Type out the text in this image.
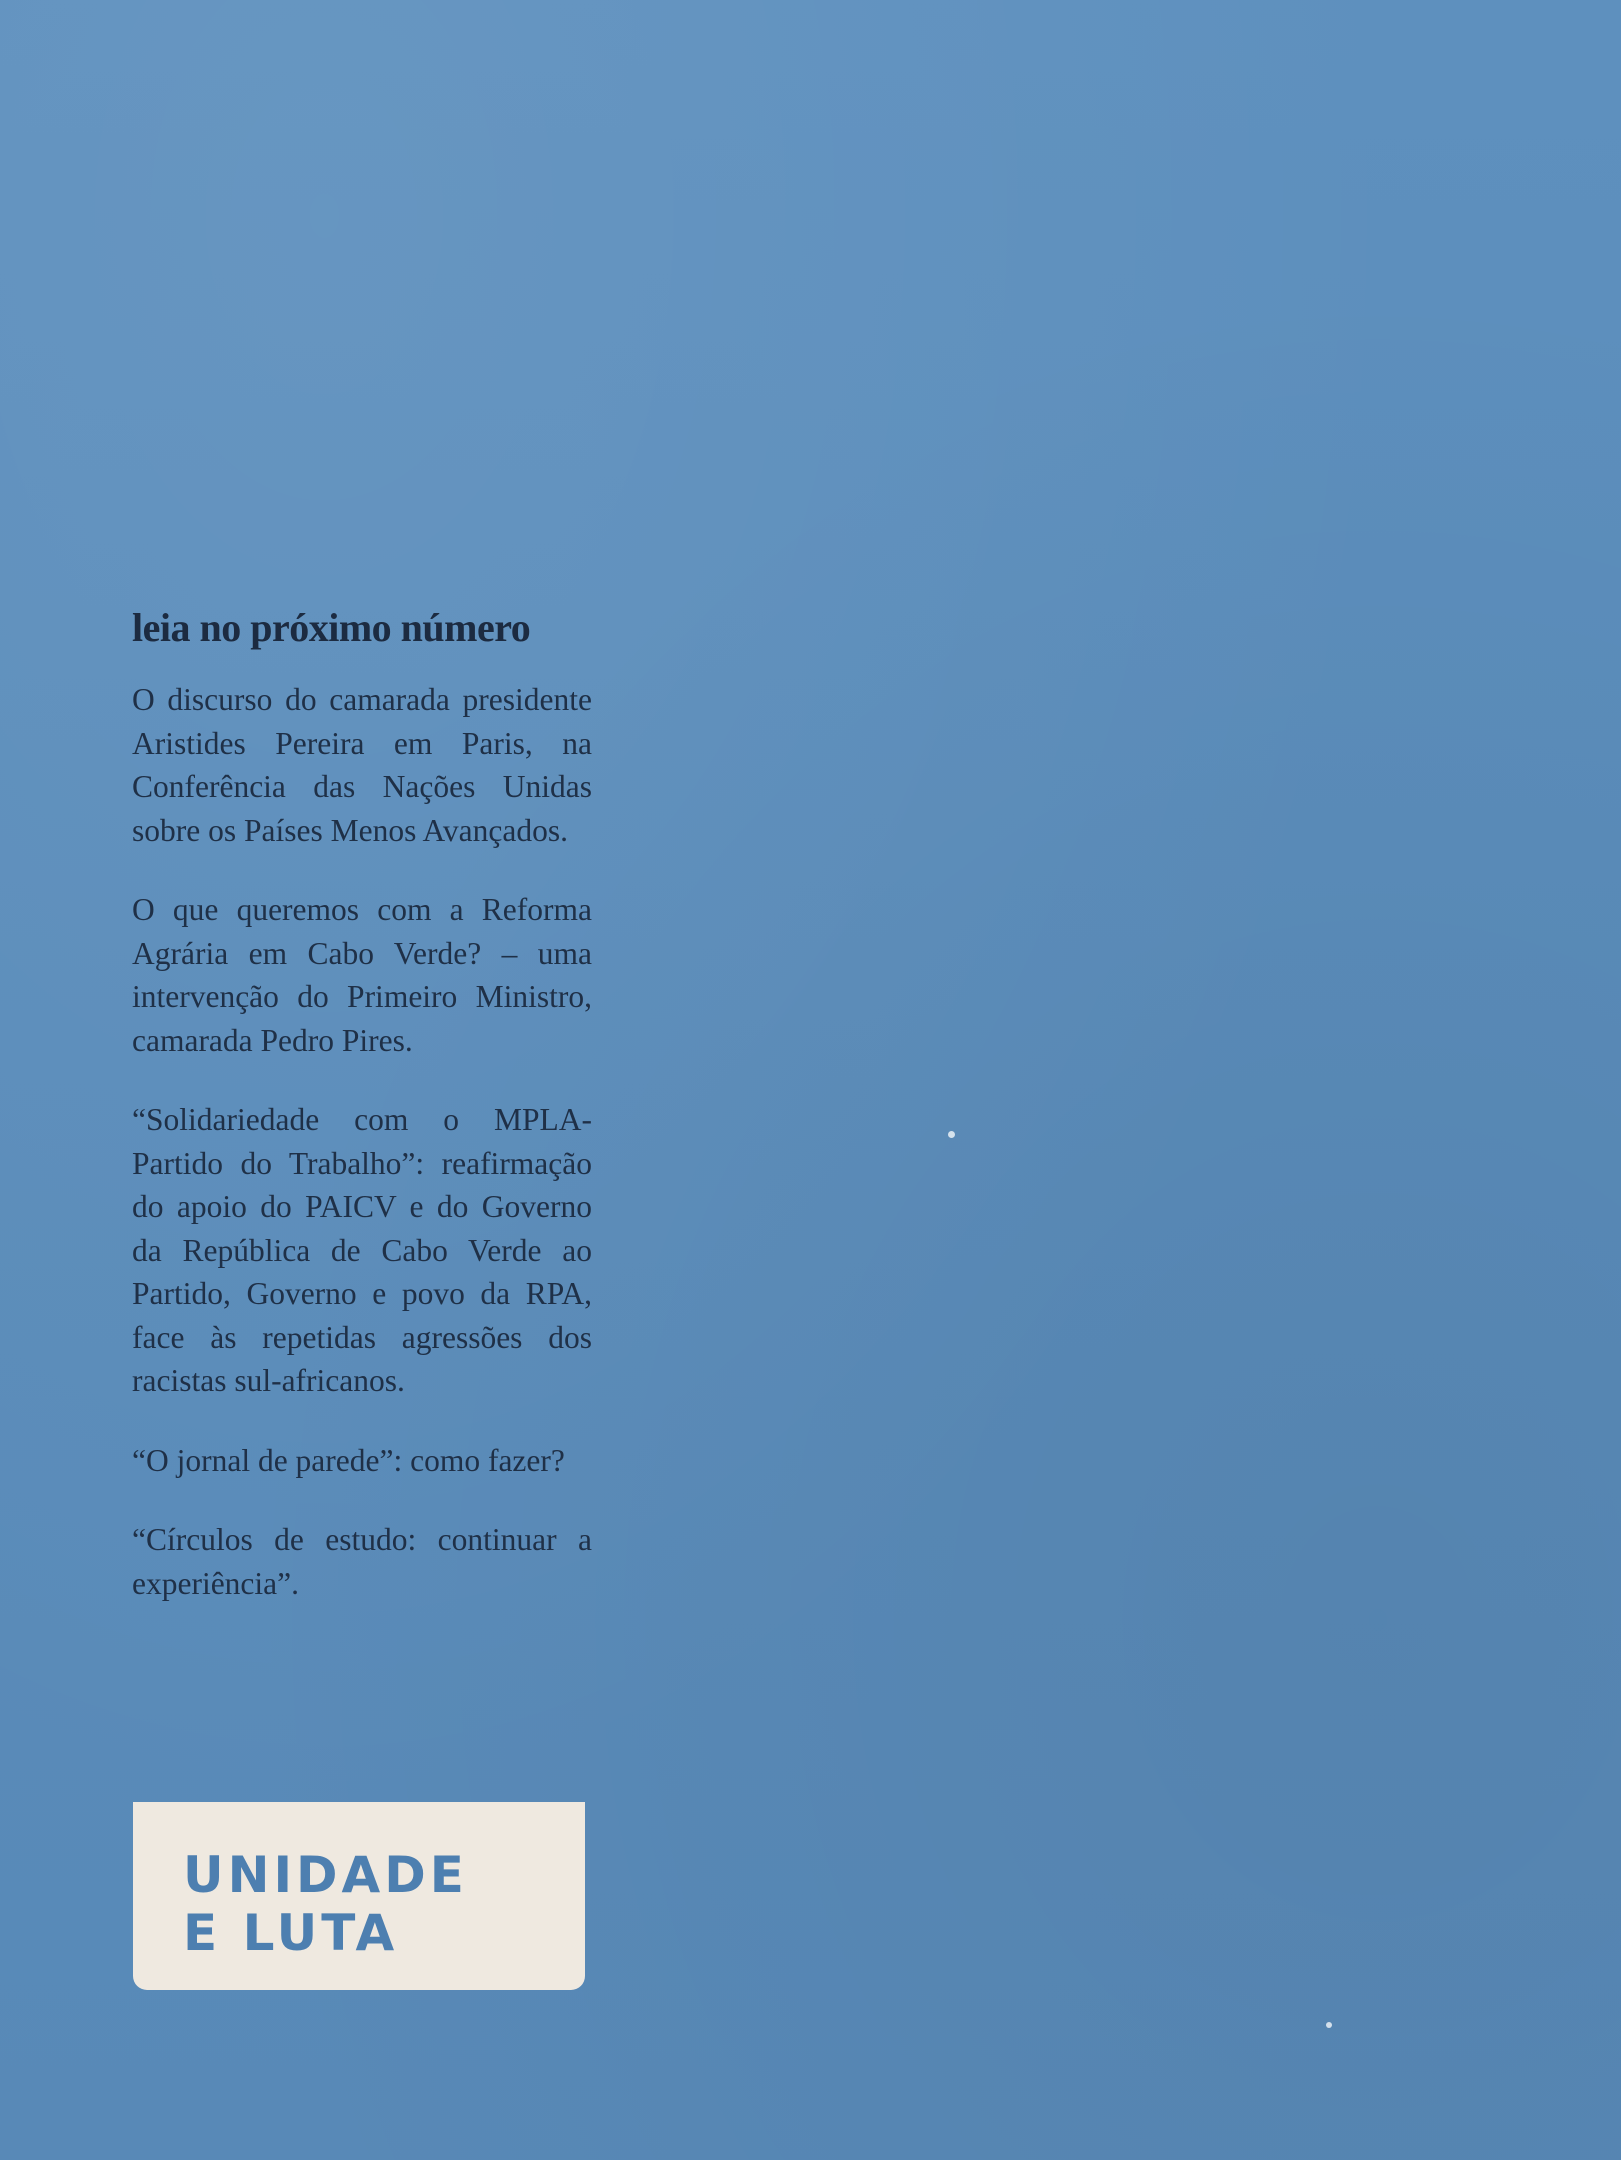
leia no próximo número

O discurso do camarada presidente Aristides Pereira em Paris, na Conferência das Nações Unidas sobre os Países Menos Avançados.

O que queremos com a Reforma Agrária em Cabo Verde? – uma intervenção do Primeiro Ministro, camarada Pedro Pires.

“Solidariedade com o MPLA-Partido do Trabalho”: reafirmação do apoio do PAICV e do Governo da República de Cabo Verde ao Partido, Governo e povo da RPA, face às repetidas agressões dos racistas sul-africanos.

“O jornal de parede”: como fazer?

“Círculos de estudo: continuar a experiência”.

UNIDADE
E LUTA
